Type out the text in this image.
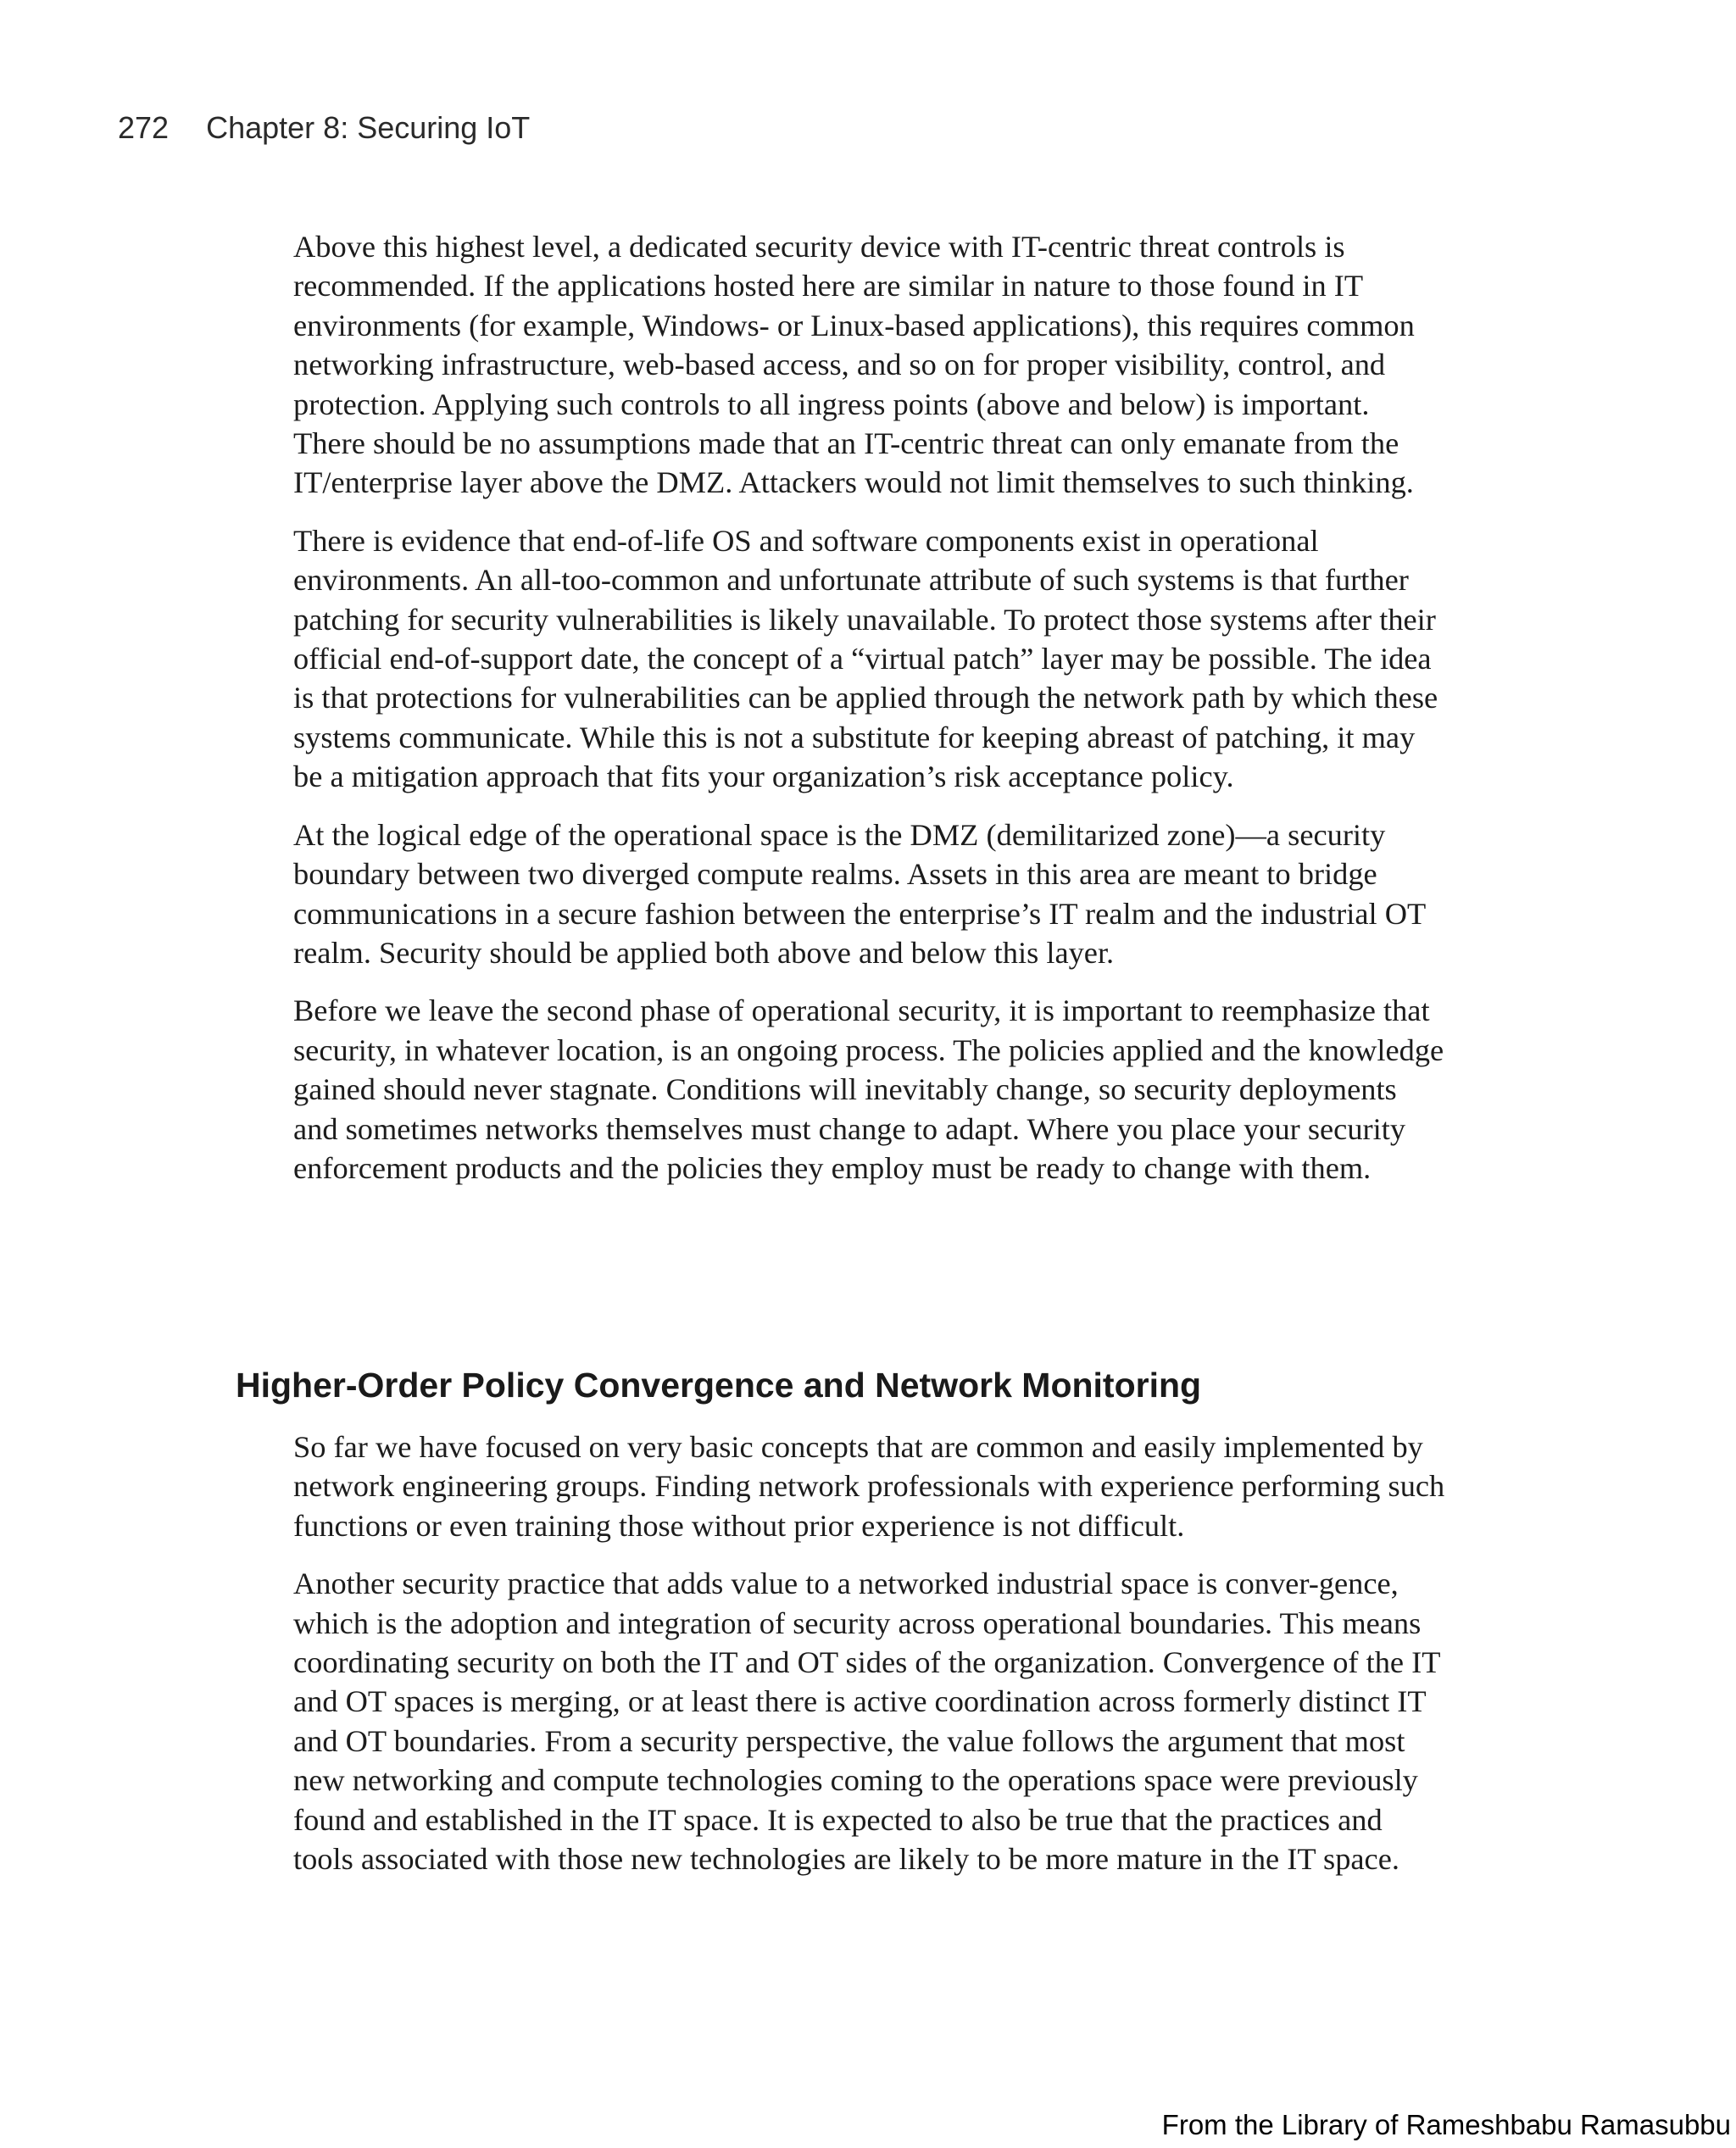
272 Chapter 8: Securing IoT

Above this highest level, a dedicated security device with IT-centric threat controls is recommended. If the applications hosted here are similar in nature to those found in IT environments (for example, Windows- or Linux-based applications), this requires common networking infrastructure, web-based access, and so on for proper visibility, control, and protection. Applying such controls to all ingress points (above and below) is important. There should be no assumptions made that an IT-centric threat can only emanate from the IT/enterprise layer above the DMZ. Attackers would not limit themselves to such thinking.

There is evidence that end-of-life OS and software components exist in operational environments. An all-too-common and unfortunate attribute of such systems is that further patching for security vulnerabilities is likely unavailable. To protect those systems after their official end-of-support date, the concept of a “virtual patch” layer may be possible. The idea is that protections for vulnerabilities can be applied through the network path by which these systems communicate. While this is not a substitute for keeping abreast of patching, it may be a mitigation approach that fits your organization’s risk acceptance policy.

At the logical edge of the operational space is the DMZ (demilitarized zone)—a security boundary between two diverged compute realms. Assets in this area are meant to bridge communications in a secure fashion between the enterprise’s IT realm and the industrial OT realm. Security should be applied both above and below this layer.

Before we leave the second phase of operational security, it is important to reemphasize that security, in whatever location, is an ongoing process. The policies applied and the knowledge gained should never stagnate. Conditions will inevitably change, so security deployments and sometimes networks themselves must change to adapt. Where you place your security enforcement products and the policies they employ must be ready to change with them.

Higher-Order Policy Convergence and Network Monitoring

So far we have focused on very basic concepts that are common and easily implemented by network engineering groups. Finding network professionals with experience performing such functions or even training those without prior experience is not difficult.

Another security practice that adds value to a networked industrial space is conver-gence, which is the adoption and integration of security across operational boundaries. This means coordinating security on both the IT and OT sides of the organization. Convergence of the IT and OT spaces is merging, or at least there is active coordination across formerly distinct IT and OT boundaries. From a security perspective, the value follows the argument that most new networking and compute technologies coming to the operations space were previously found and established in the IT space. It is expected to also be true that the practices and tools associated with those new technologies are likely to be more mature in the IT space.

From the Library of Rameshbabu Ramasubbu
